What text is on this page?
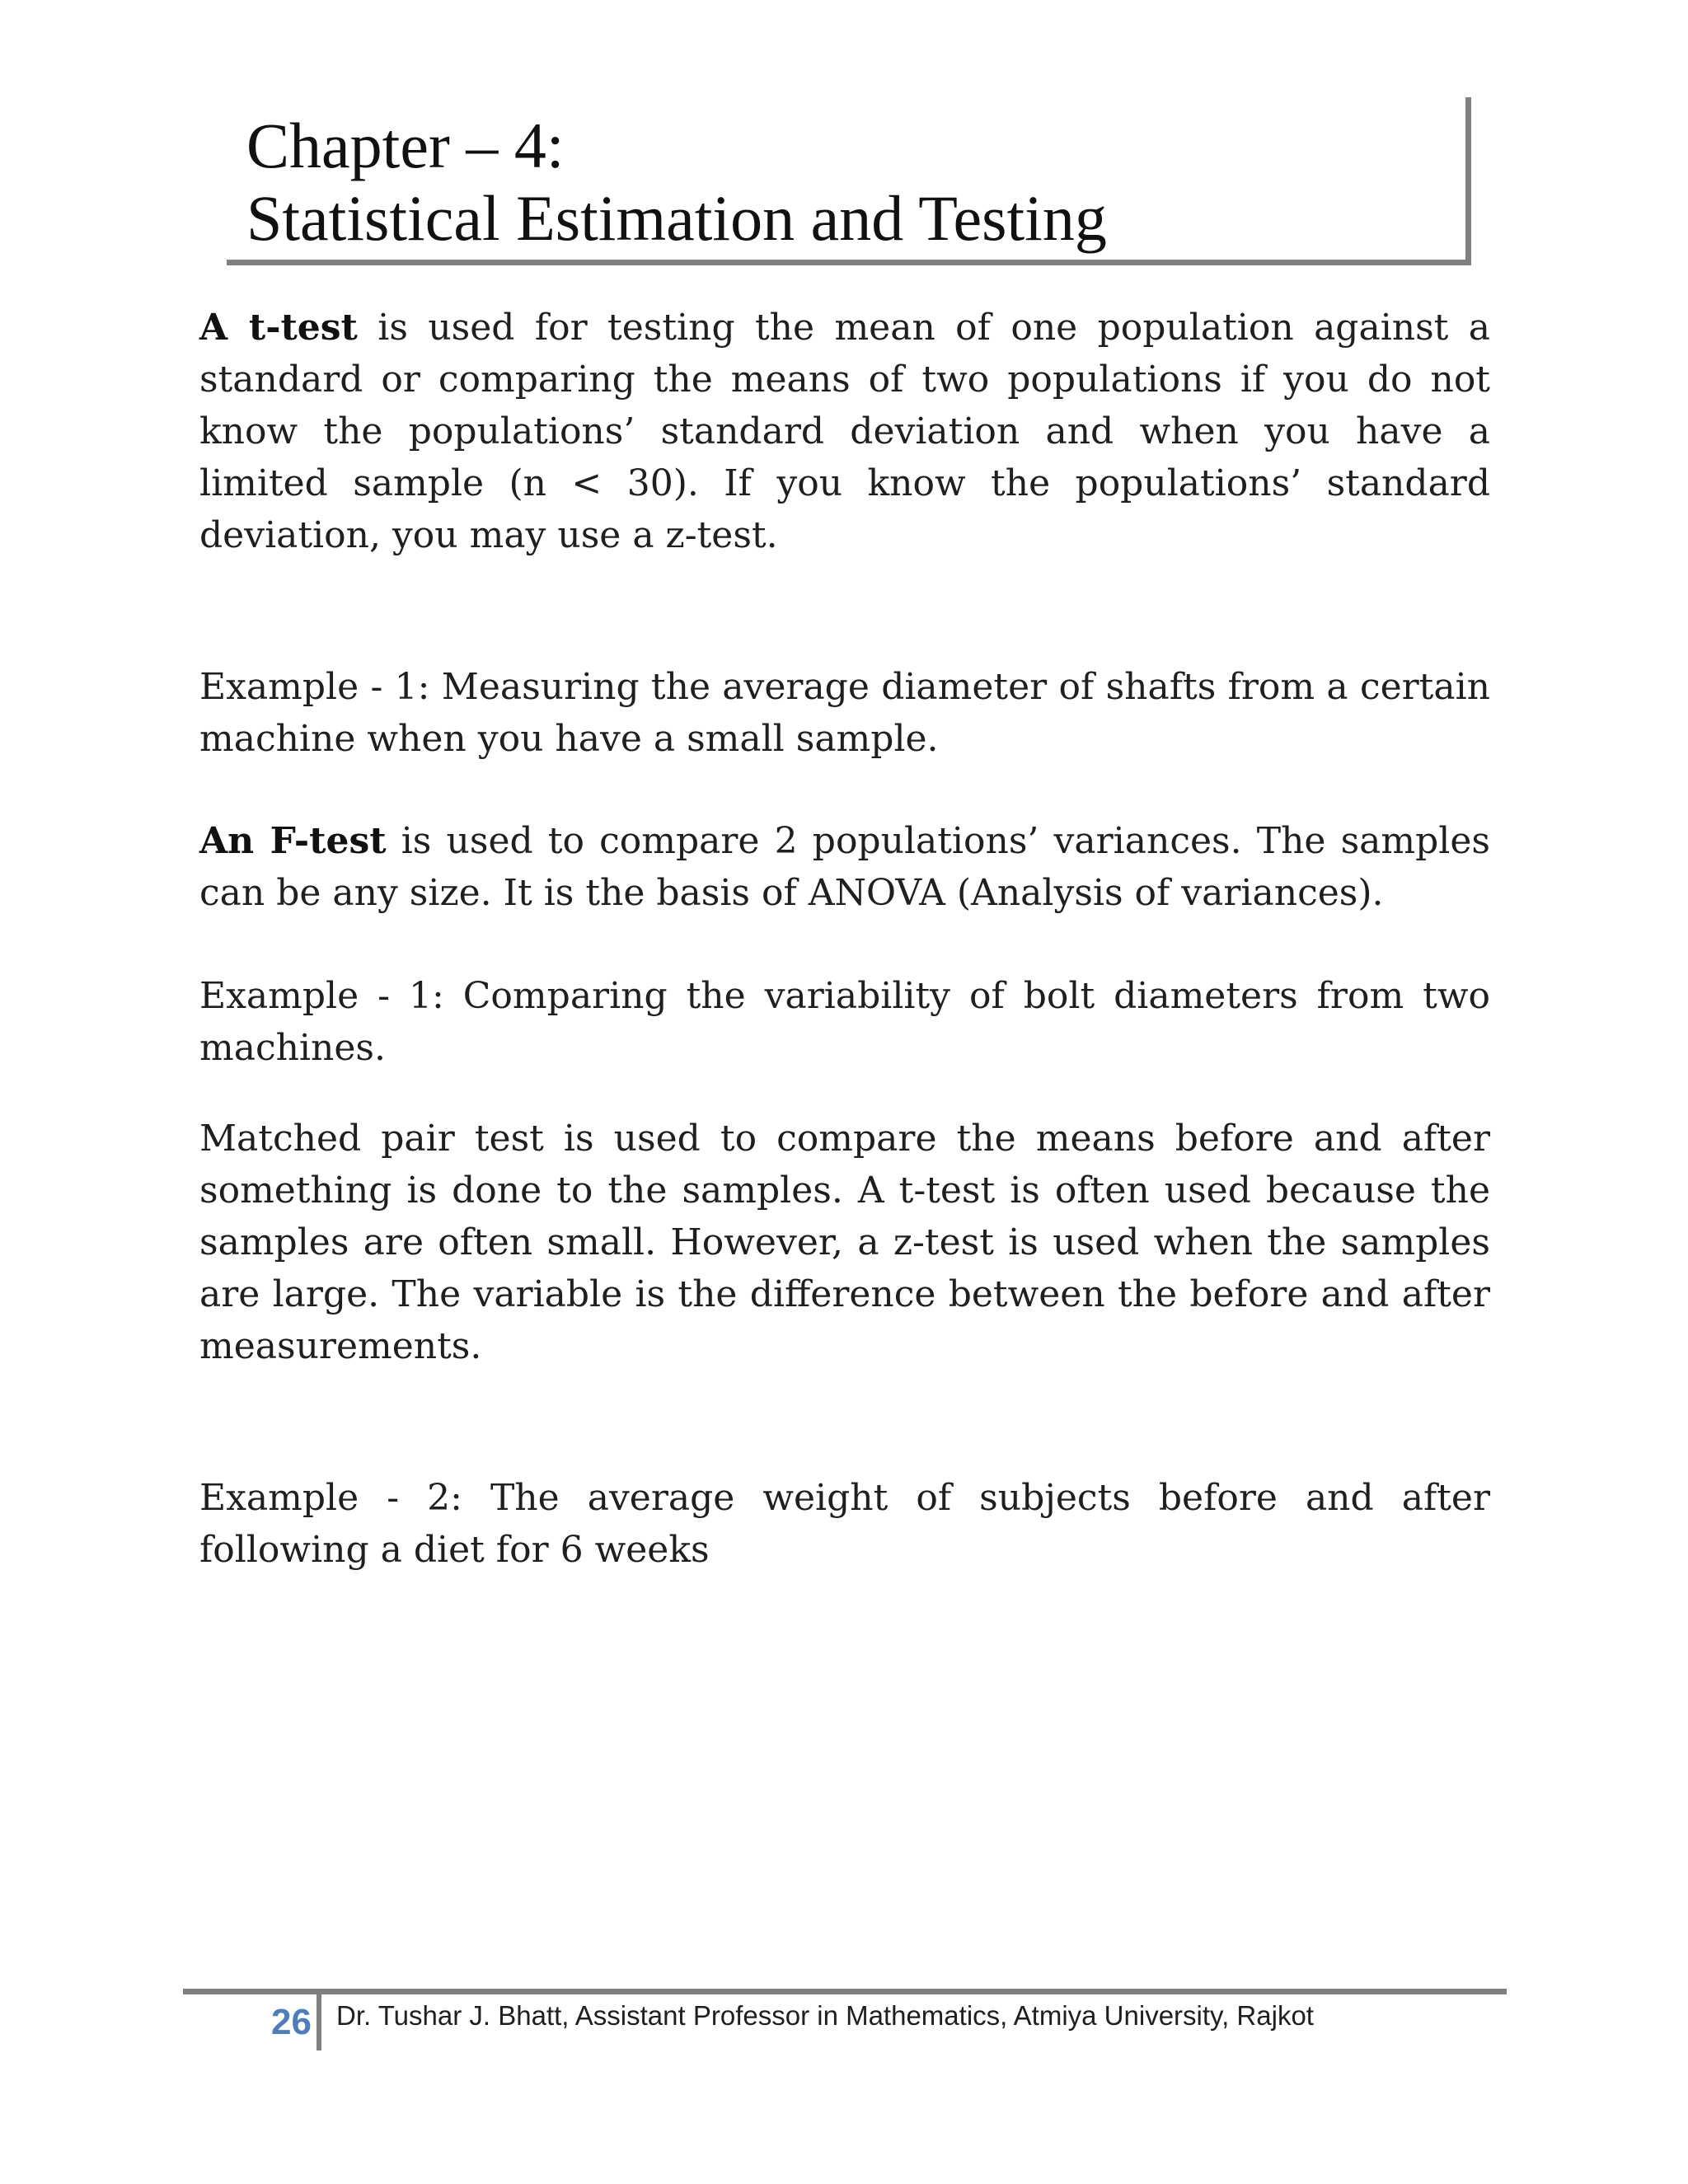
Chapter – 4:
Statistical Estimation and Testing

A t-test is used for testing the mean of one population against a standard or comparing the means of two populations if you do not know the populations’ standard deviation and when you have a limited sample (n < 30). If you know the populations’ standard deviation, you may use a z-test.

Example - 1: Measuring the average diameter of shafts from a certain machine when you have a small sample.

An F-test is used to compare 2 populations’ variances. The samples can be any size. It is the basis of ANOVA (Analysis of variances).

Example - 1: Comparing the variability of bolt diameters from two machines.

Matched pair test is used to compare the means before and after something is done to the samples. A t-test is often used because the samples are often small. However, a z-test is used when the samples are large. The variable is the difference between the before and after measurements.

Example - 2: The average weight of subjects before and after following a diet for 6 weeks

26 Dr. Tushar J. Bhatt, Assistant Professor in Mathematics, Atmiya University, Rajkot
